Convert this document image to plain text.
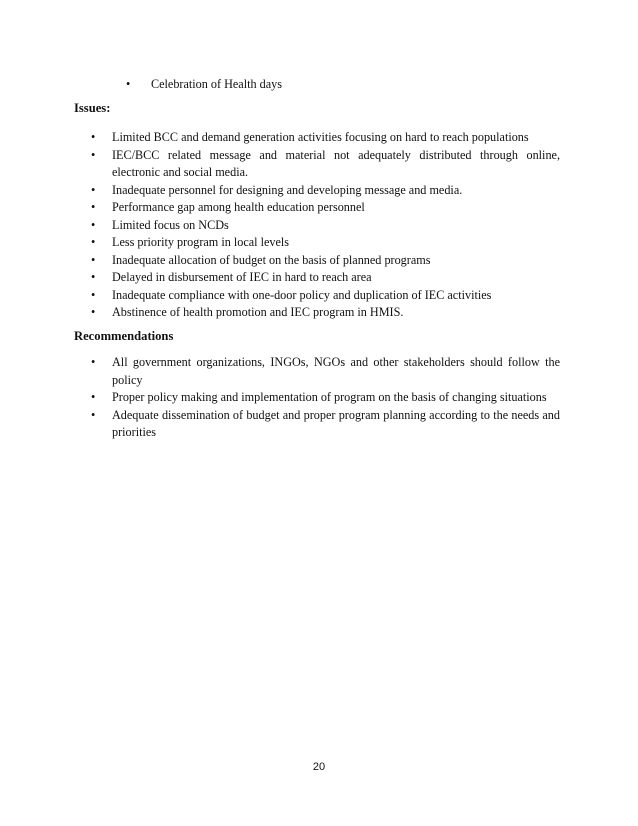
•	Celebration of Health days
Issues:
• Limited BCC and demand generation activities focusing on hard to reach populations
• IEC/BCC related message and material not adequately distributed through online, electronic and social media.
• Inadequate personnel for designing and developing message and media.
• Performance gap among health education personnel
• Limited focus on NCDs
• Less priority program in local levels
• Inadequate allocation of budget on the basis of planned programs
• Delayed in disbursement of IEC in hard to reach area
• Inadequate compliance with one-door policy and duplication of IEC activities
• Abstinence of health promotion and IEC program in HMIS.
Recommendations
• All government organizations, INGOs, NGOs and other stakeholders should follow the policy
• Proper policy making and implementation of program on the basis of changing situations
• Adequate dissemination of budget and proper program planning according to the needs and priorities
20
